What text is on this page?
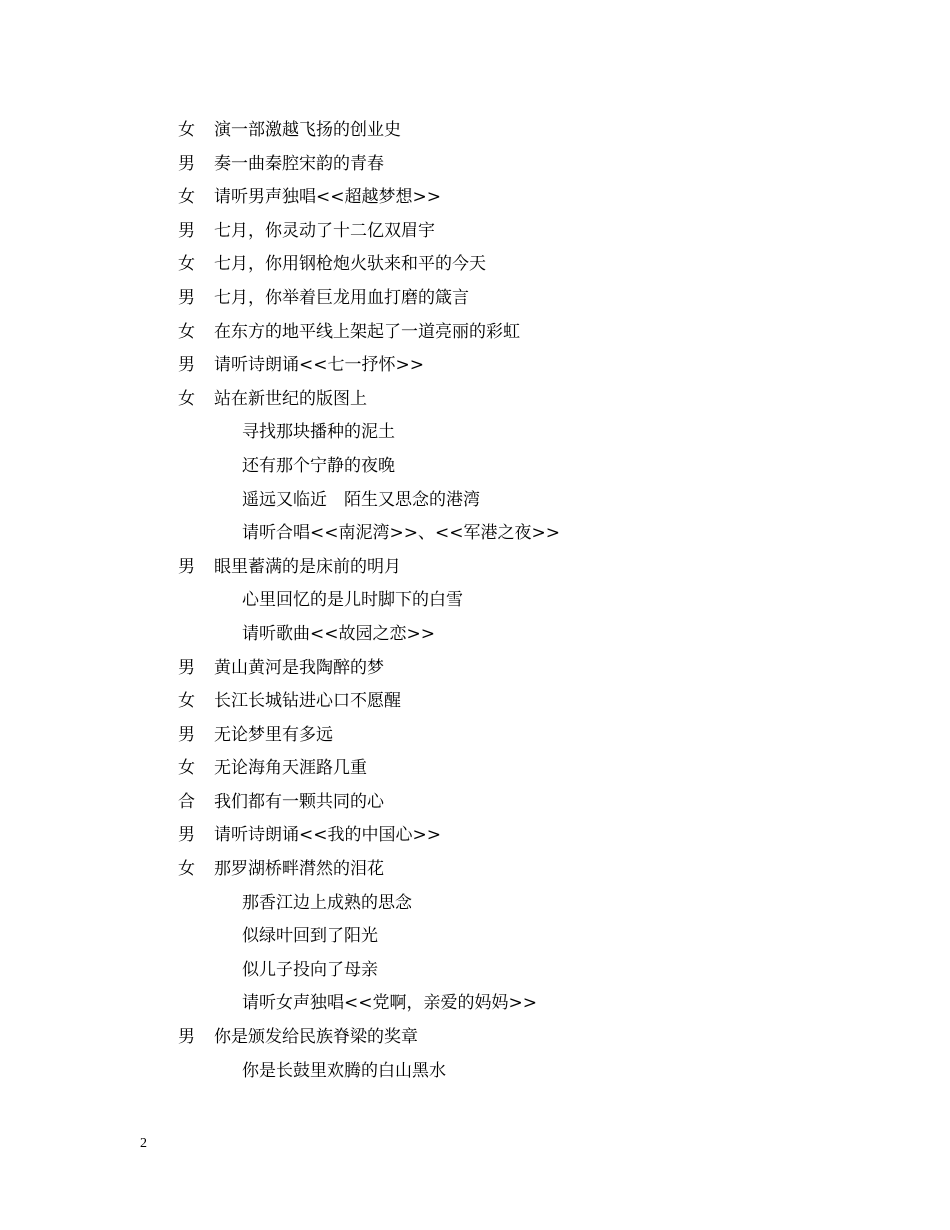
女	演一部激越飞扬的创业史
男	奏一曲秦腔宋韵的青春
女	请听男声独唱<<超越梦想>>
男	七月，你灵动了十二亿双眉宇
女	七月，你用钢枪炮火驮来和平的今天
男	七月，你举着巨龙用血打磨的箴言
女	在东方的地平线上架起了一道亮丽的彩虹
男	请听诗朗诵<<七一抒怀>>
女	站在新世纪的版图上
寻找那块播种的泥土
还有那个宁静的夜晚
遥远又临近　陌生又思念的港湾
请听合唱<<南泥湾>>、<<军港之夜>>
男	眼里蓄满的是床前的明月
心里回忆的是儿时脚下的白雪
请听歌曲<<故园之恋>>
男	黄山黄河是我陶醉的梦
女	长江长城钻进心口不愿醒
男	无论梦里有多远
女	无论海角天涯路几重
合	我们都有一颗共同的心
男	请听诗朗诵<<我的中国心>>
女	那罗湖桥畔潸然的泪花
那香江边上成熟的思念
似绿叶回到了阳光
似儿子投向了母亲
请听女声独唱<<党啊，亲爱的妈妈>>
男	你是颁发给民族脊梁的奖章
你是长鼓里欢腾的白山黑水
2
